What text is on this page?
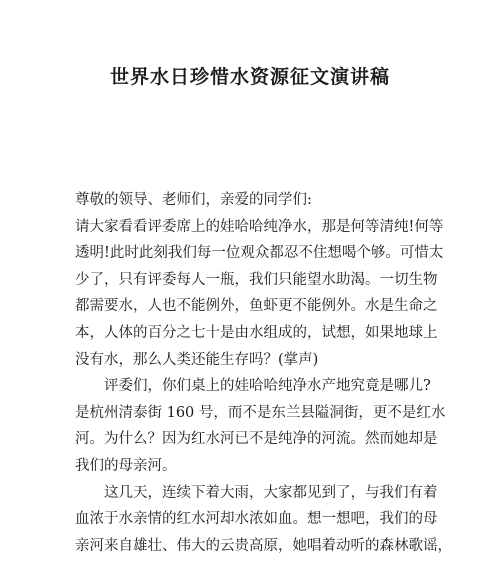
世界水日珍惜水资源征文演讲稿
尊敬的领导、老师们，亲爱的同学们:
请大家看看评委席上的娃哈哈纯净水，那是何等清纯!何等
透明!此时此刻我们每一位观众都忍不住想喝个够。可惜太
少了，只有评委每人一瓶，我们只能望水助渴。一切生物
都需要水，人也不能例外，鱼虾更不能例外。水是生命之
本，人体的百分之七十是由水组成的，试想，如果地球上
没有水，那么人类还能生存吗？(掌声)
评委们，你们桌上的娃哈哈纯净水产地究竟是哪儿?
是杭州清泰街 160 号，而不是东兰县隘洞街，更不是红水
河。为什么？因为红水河已不是纯净的河流。然而她却是
我们的母亲河。
这几天，连续下着大雨，大家都见到了，与我们有着
血浓于水亲情的红水河却水浓如血。想一想吧，我们的母
亲河来自雄壮、伟大的云贵高原，她唱着动听的森林歌谣，
